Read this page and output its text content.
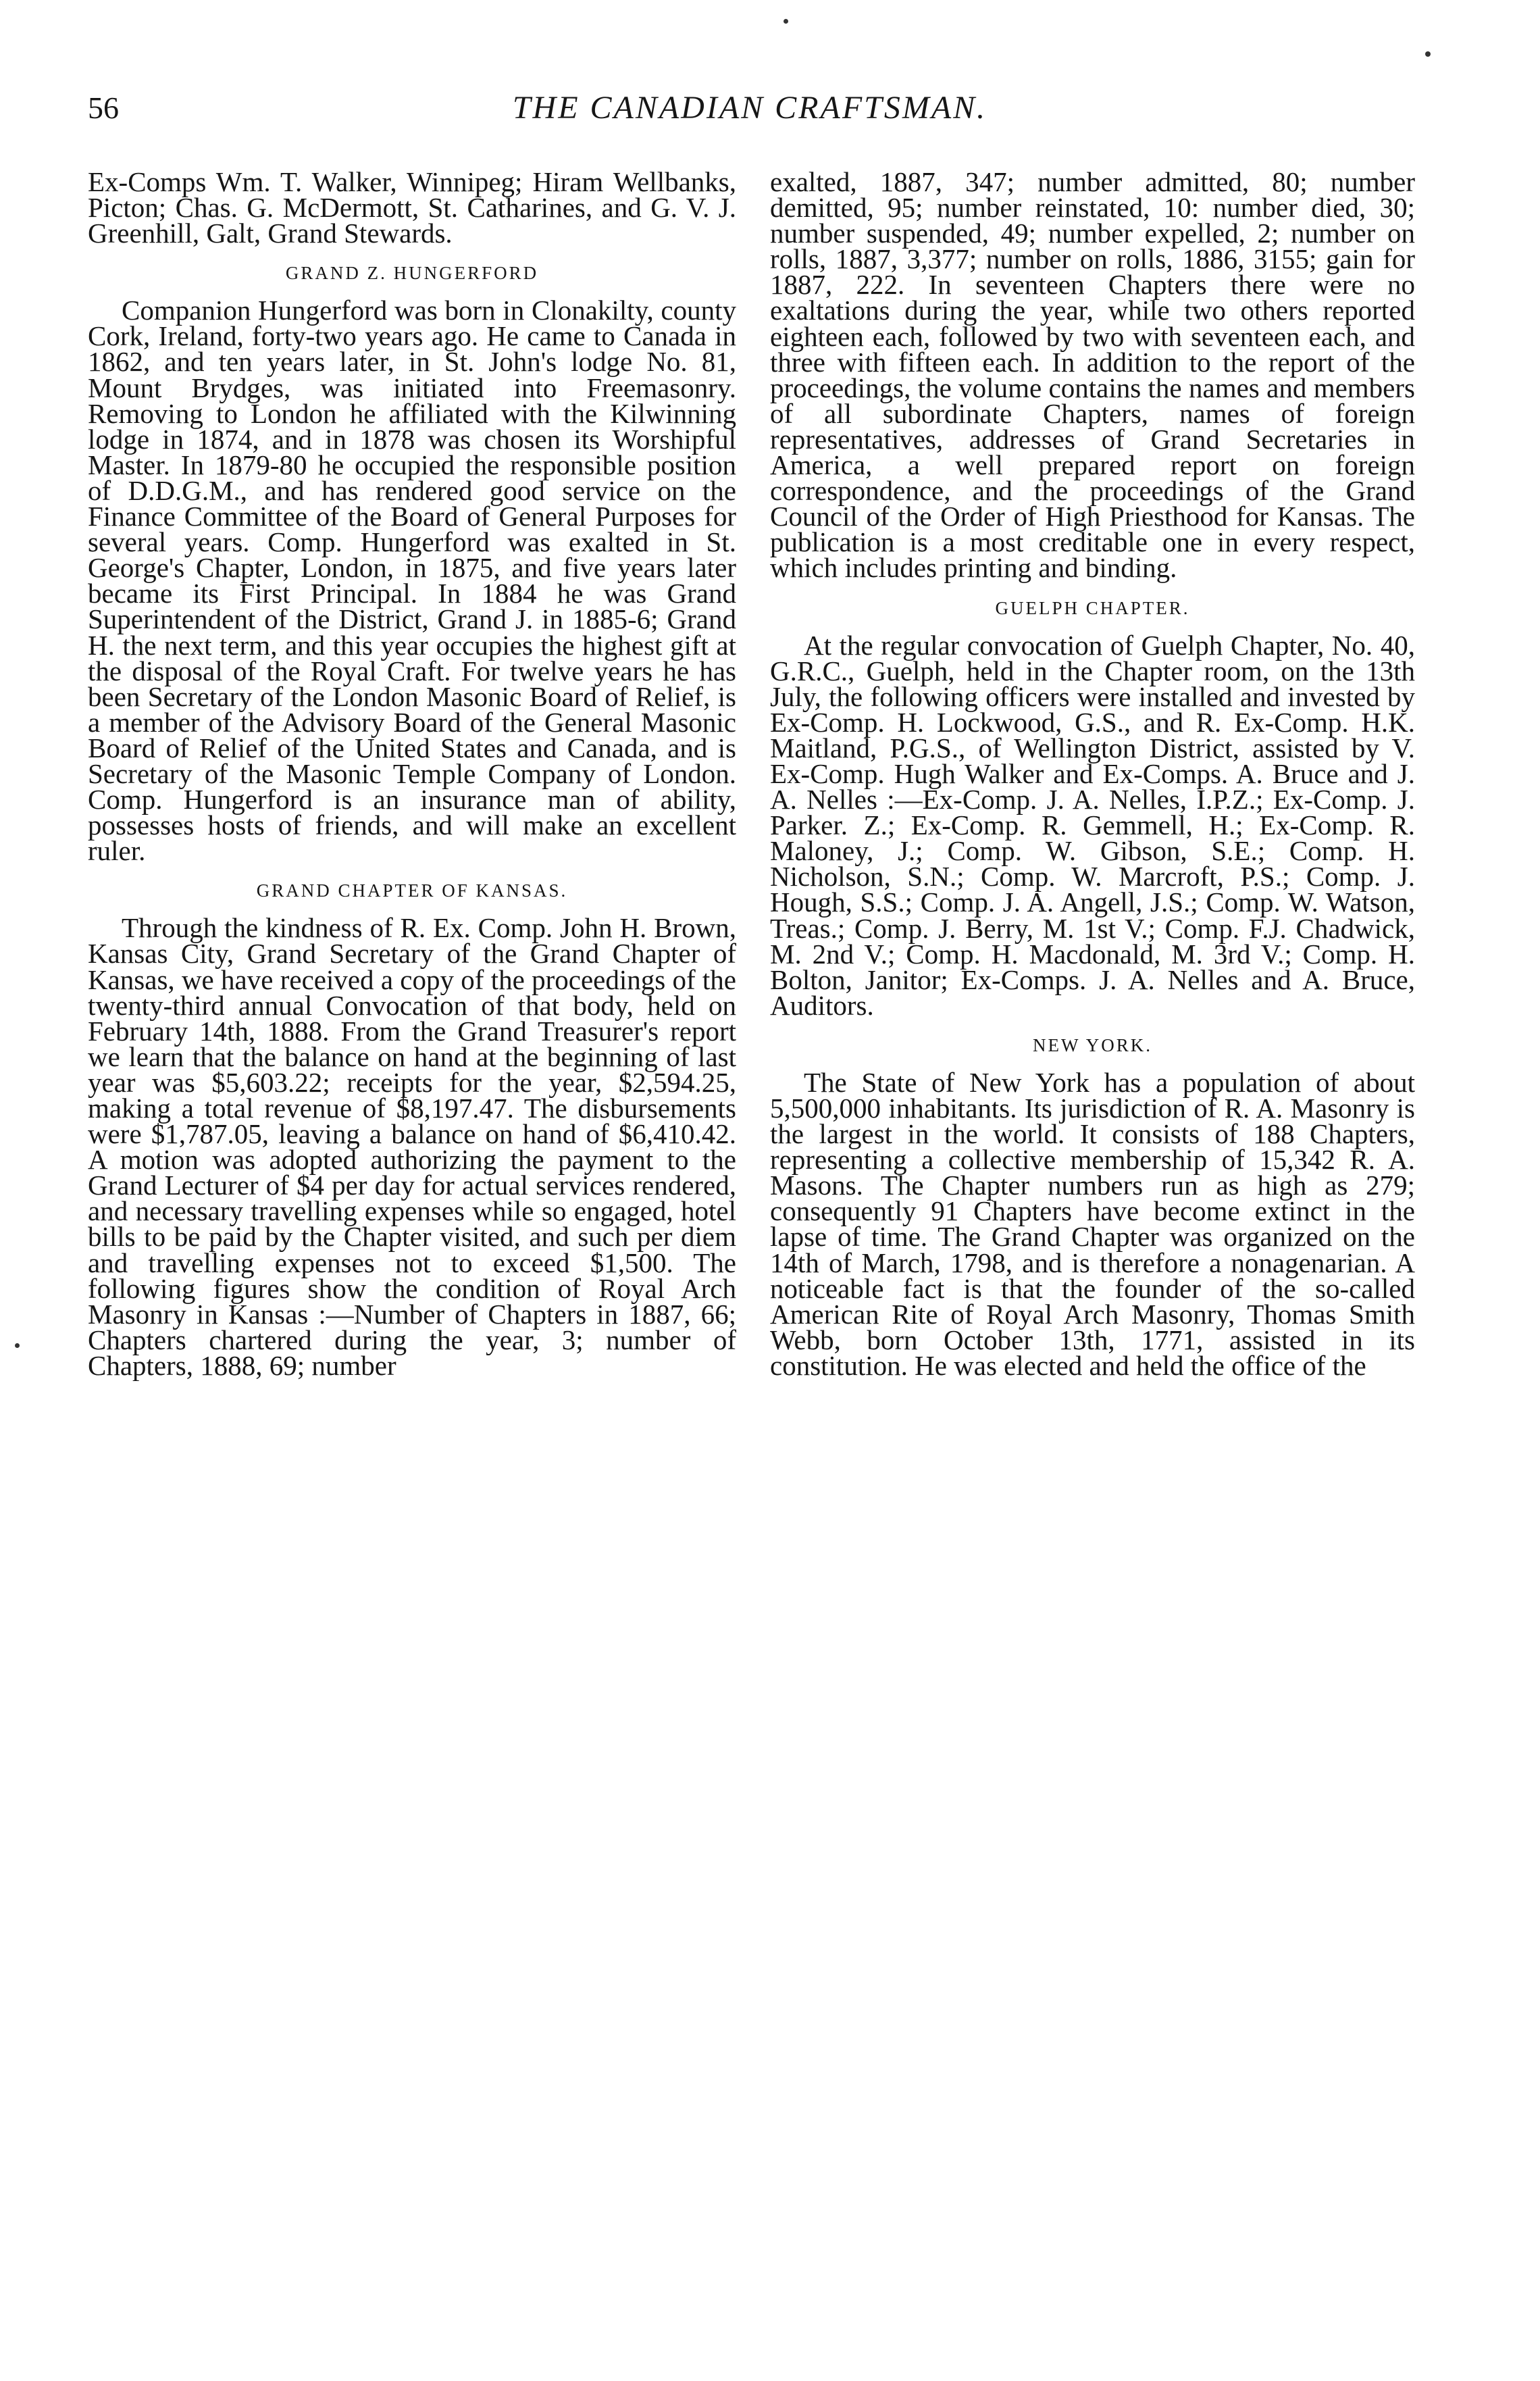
56	THE CANADIAN CRAFTSMAN.

Ex-Comps Wm. T. Walker, Winnipeg; Hiram Wellbanks, Picton; Chas. G. McDermott, St. Catharines, and G. V. J. Greenhill, Galt, Grand Stewards.

GRAND Z. HUNGERFORD

Companion Hungerford was born in Clonakilty, county Cork, Ireland, forty-two years ago. He came to Canada in 1862, and ten years later, in St. John's lodge No. 81, Mount Brydges, was initiated into Freemasonry. Removing to London he affiliated with the Kilwinning lodge in 1874, and in 1878 was chosen its Worshipful Master. In 1879-80 he occupied the responsible position of D.D.G.M., and has rendered good service on the Finance Committee of the Board of General Purposes for several years. Comp. Hungerford was exalted in St. George's Chapter, London, in 1875, and five years later became its First Principal. In 1884 he was Grand Superintendent of the District, Grand J. in 1885-6; Grand H. the next term, and this year occupies the highest gift at the disposal of the Royal Craft. For twelve years he has been Secretary of the London Masonic Board of Relief, is a member of the Advisory Board of the General Masonic Board of Relief of the United States and Canada, and is Secretary of the Masonic Temple Company of London. Comp. Hungerford is an insurance man of ability, possesses hosts of friends, and will make an excellent ruler.

GRAND CHAPTER OF KANSAS.

Through the kindness of R. Ex. Comp. John H. Brown, Kansas City, Grand Secretary of the Grand Chapter of Kansas, we have received a copy of the proceedings of the twenty-third annual Convocation of that body, held on February 14th, 1888. From the Grand Treasurer's report we learn that the balance on hand at the beginning of last year was $5,603.22; receipts for the year, $2,594.25, making a total revenue of $8,197.47. The disbursements were $1,787.05, leaving a balance on hand of $6,410.42. A motion was adopted authorizing the payment to the Grand Lecturer of $4 per day for actual services rendered, and necessary travelling expenses while so engaged, hotel bills to be paid by the Chapter visited, and such per diem and travelling expenses not to exceed $1,500. The following figures show the condition of Royal Arch Masonry in Kansas :—Number of Chapters in 1887, 66; Chapters chartered during the year, 3; number of Chapters, 1888, 69; number

exalted, 1887, 347; number admitted, 80; number demitted, 95; number reinstated, 10: number died, 30; number suspended, 49; number expelled, 2; number on rolls, 1887, 3,377; number on rolls, 1886, 3155; gain for 1887, 222. In seventeen Chapters there were no exaltations during the year, while two others reported eighteen each, followed by two with seventeen each, and three with fifteen each. In addition to the report of the proceedings, the volume contains the names and members of all subordinate Chapters, names of foreign representatives, addresses of Grand Secretaries in America, a well prepared report on foreign correspondence, and the proceedings of the Grand Council of the Order of High Priesthood for Kansas. The publication is a most creditable one in every respect, which includes printing and binding.

GUELPH CHAPTER.

At the regular convocation of Guelph Chapter, No. 40, G.R.C., Guelph, held in the Chapter room, on the 13th July, the following officers were installed and invested by Ex-Comp. H. Lockwood, G.S., and R. Ex-Comp. H.K. Maitland, P.G.S., of Wellington District, assisted by V. Ex-Comp. Hugh Walker and Ex-Comps. A. Bruce and J. A. Nelles :—Ex-Comp. J. A. Nelles, I.P.Z.; Ex-Comp. J. Parker. Z.; Ex-Comp. R. Gemmell, H.; Ex-Comp. R. Maloney, J.; Comp. W. Gibson, S.E.; Comp. H. Nicholson, S.N.; Comp. W. Marcroft, P.S.; Comp. J. Hough, S.S.; Comp. J. A. Angell, J.S.; Comp. W. Watson, Treas.; Comp. J. Berry, M. 1st V.; Comp. F.J. Chadwick, M. 2nd V.; Comp. H. Macdonald, M. 3rd V.; Comp. H. Bolton, Janitor; Ex-Comps. J. A. Nelles and A. Bruce, Auditors.

NEW YORK.

The State of New York has a population of about 5,500,000 inhabitants. Its jurisdiction of R. A. Masonry is the largest in the world. It consists of 188 Chapters, representing a collective membership of 15,342 R. A. Masons. The Chapter numbers run as high as 279; consequently 91 Chapters have become extinct in the lapse of time. The Grand Chapter was organized on the 14th of March, 1798, and is therefore a nonagenarian. A noticeable fact is that the founder of the so-called American Rite of Royal Arch Masonry, Thomas Smith Webb, born October 13th, 1771, assisted in its constitution. He was elected and held the office of the
